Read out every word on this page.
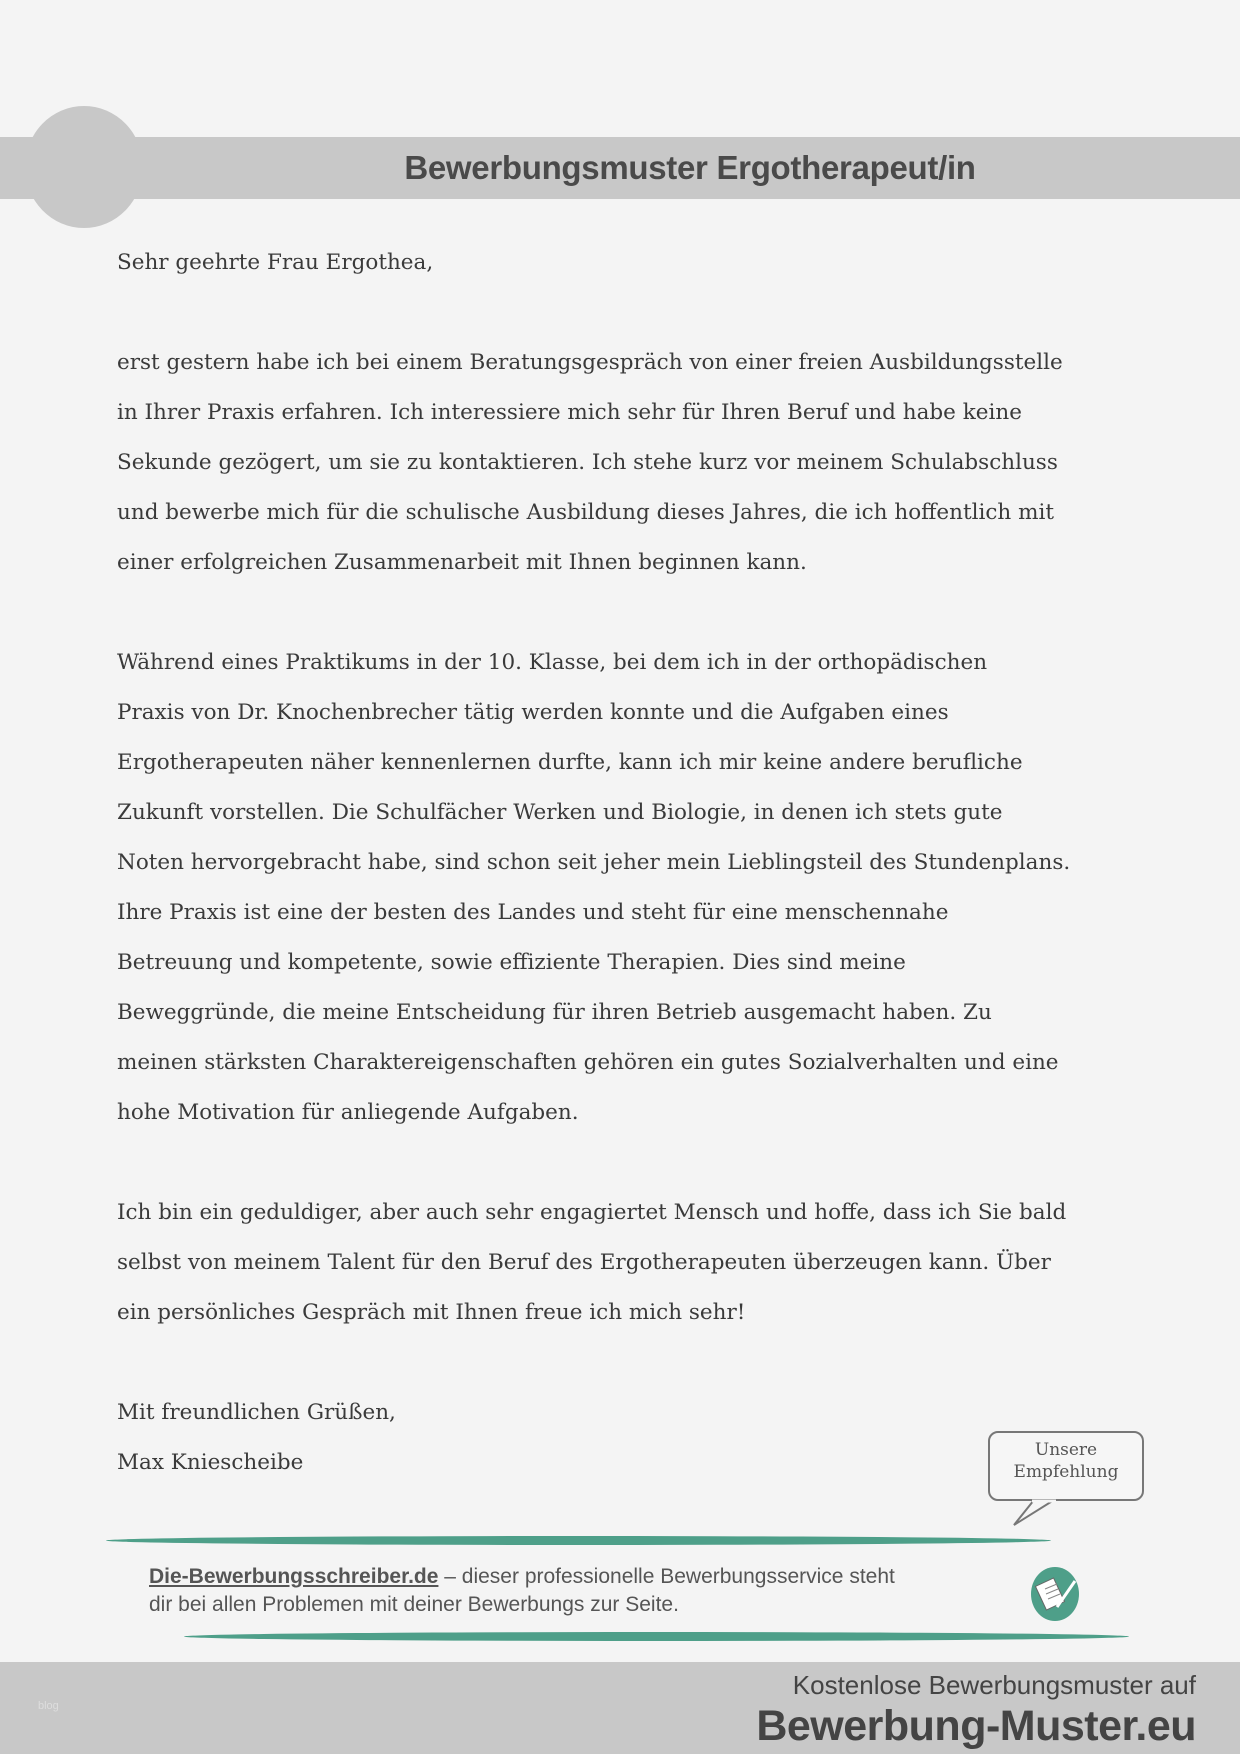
Bewerbungsmuster Ergotherapeut/in
Sehr geehrte Frau Ergothea,
erst gestern habe ich bei einem Beratungsgespräch von einer freien Ausbildungsstelle
in Ihrer Praxis erfahren. Ich interessiere mich sehr für Ihren Beruf und habe keine
Sekunde gezögert, um sie zu kontaktieren. Ich stehe kurz vor meinem Schulabschluss
und bewerbe mich für die schulische Ausbildung dieses Jahres, die ich hoffentlich mit
einer erfolgreichen Zusammenarbeit mit Ihnen beginnen kann.
Während eines Praktikums in der 10. Klasse, bei dem ich in der orthopädischen
Praxis von Dr. Knochenbrecher tätig werden konnte und die Aufgaben eines
Ergotherapeuten näher kennenlernen durfte, kann ich mir keine andere berufliche
Zukunft vorstellen. Die Schulfächer Werken und Biologie, in denen ich stets gute
Noten hervorgebracht habe, sind schon seit jeher mein Lieblingsteil des Stundenplans.
Ihre Praxis ist eine der besten des Landes und steht für eine menschennahe
Betreuung und kompetente, sowie effiziente Therapien. Dies sind meine
Beweggründe, die meine Entscheidung für ihren Betrieb ausgemacht haben. Zu
meinen stärksten Charaktereigenschaften gehören ein gutes Sozialverhalten und eine
hohe Motivation für anliegende Aufgaben.
Ich bin ein geduldiger, aber auch sehr engagiertet Mensch und hoffe, dass ich Sie bald
selbst von meinem Talent für den Beruf des Ergotherapeuten überzeugen kann. Über
ein persönliches Gespräch mit Ihnen freue ich mich sehr!
Mit freundlichen Grüßen,
Max Kniescheibe	Unsere
Empfehlung
Die-Bewerbungsschreiber.de – dieser professionelle Bewerbungsservice steht
dir bei allen Problemen mit deiner Bewerbungs zur Seite.
blog
Kostenlose Bewerbungsmuster auf
Bewerbung-Muster.eu
